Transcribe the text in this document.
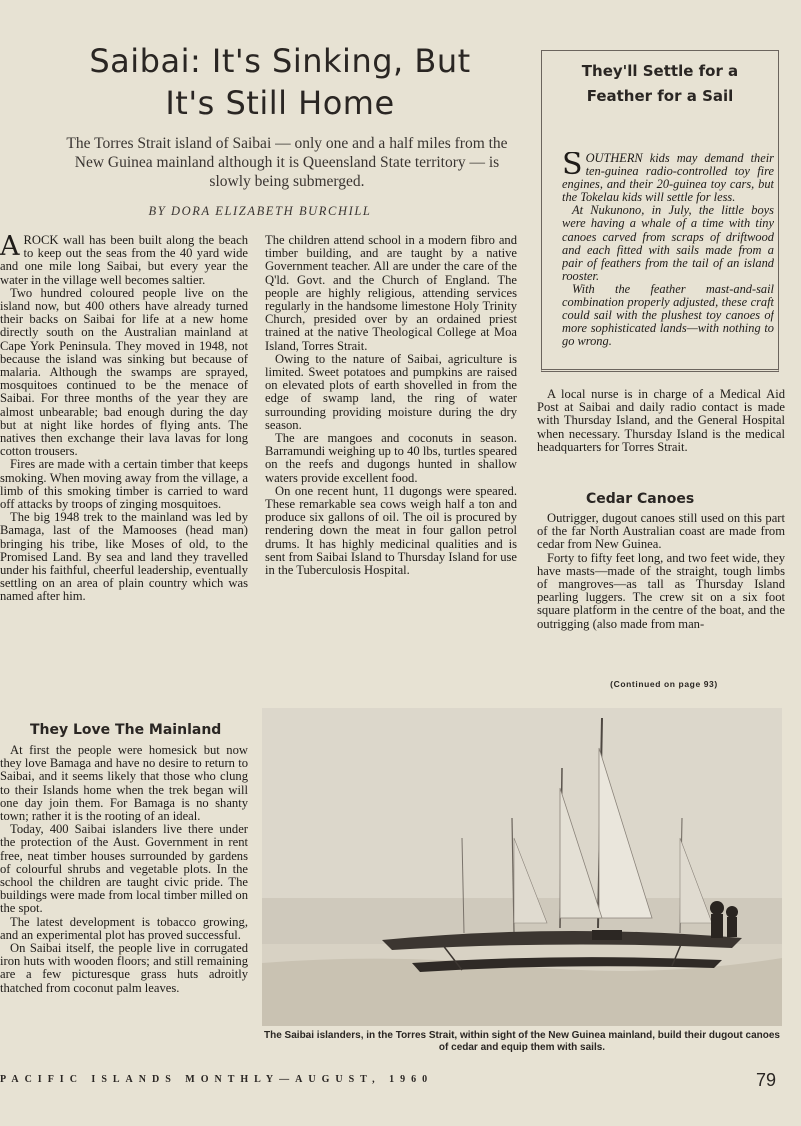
Saibai: It's Sinking, But
It's Still Home
The Torres Strait island of Saibai — only one and a half miles from the New Guinea mainland although it is Queensland State territory — is slowly being submerged.
BY DORA ELIZABETH BURCHILL

AROCK wall has been built along the beach to keep out the seas from the 40 yard wide and one mile long Saibai, but every year the water in the village well becomes saltier.

Two hundred coloured people live on the island now, but 400 others have already turned their backs on Saibai for life at a new home directly south on the Australian mainland at Cape York Peninsula. They moved in 1948, not because the island was sinking but because of malaria. Although the swamps are sprayed, mosquitoes continued to be the menace of Saibai. For three months of the year they are almost unbearable; bad enough during the day but at night like hordes of flying ants. The natives then exchange their lava lavas for long cotton trousers.

Fires are made with a certain timber that keeps smoking. When moving away from the village, a limb of this smoking timber is carried to ward off attacks by troops of zinging mosquitoes.

The big 1948 trek to the mainland was led by Bamaga, last of the Mamooses (head man) bringing his tribe, like Moses of old, to the Promised Land. By sea and land they travelled under his faithful, cheerful leadership, eventually settling on an area of plain country which was named after him.

The children attend school in a modern fibro and timber building, and are taught by a native Government teacher. All are under the care of the Q'ld. Govt. and the Church of England. The people are highly religious, attending services regularly in the handsome limestone Holy Trinity Church, presided over by an ordained priest trained at the native Theological College at Moa Island, Torres Strait.

Owing to the nature of Saibai, agriculture is limited. Sweet potatoes and pumpkins are raised on elevated plots of earth shovelled in from the edge of swamp land, the ring of water surrounding providing moisture during the dry season.

The are mangoes and coconuts in season. Barramundi weighing up to 40 lbs, turtles speared on the reefs and dugongs hunted in shallow waters provide excellent food.

On one recent hunt, 11 dugongs were speared. These remarkable sea cows weigh half a ton and produce six gallons of oil. The oil is procured by rendering down the meat in four gallon petrol drums. It has highly medicinal qualities and is sent from Saibai Island to Thursday Island for use in the Tuberculosis Hospital.

They Love The Mainland

At first the people were homesick but now they love Bamaga and have no desire to return to Saibai, and it seems likely that those who clung to their Islands home when the trek began will one day join them. For Bamaga is no shanty town; rather it is the rooting of an ideal.

Today, 400 Saibai islanders live there under the protection of the Aust. Government in rent free, neat timber houses surrounded by gardens of colourful shrubs and vegetable plots. In the school the children are taught civic pride. The buildings were made from local timber milled on the spot.

The latest development is tobacco growing, and an experimental plot has proved successful.

On Saibai itself, the people live in corrugated iron huts with wooden floors; and still remaining are a few picturesque grass huts adroitly thatched from coconut palm leaves.

They'll Settle for a
Feather for a Sail

SOUTHERN kids may demand their ten-guinea radio-controlled toy fire engines, and their 20-guinea toy cars, but the Tokelau kids will settle for less.

At Nukunono, in July, the little boys were having a whale of a time with tiny canoes carved from scraps of driftwood and each fitted with sails made from a pair of feathers from the tail of an island rooster.

With the feather mast-and-sail combination properly adjusted, these craft could sail with the plushest toy canoes of more sophisticated lands—with nothing to go wrong.

A local nurse is in charge of a Medical Aid Post at Saibai and daily radio contact is made with Thursday Island, and the General Hospital when necessary. Thursday Island is the medical headquarters for Torres Strait.

Cedar Canoes

Outrigger, dugout canoes still used on this part of the far North Australian coast are made from cedar from New Guinea.

Forty to fifty feet long, and two feet wide, they have masts—made of the straight, tough limbs of mangroves—as tall as Thursday Island pearling luggers. The crew sit on a six foot square platform in the centre of the boat, and the outrigging (also made from man-

(Continued on page 93)
The Saibai islanders, in the Torres Strait, within sight of the New Guinea mainland, build their dugout canoes of cedar and equip them with sails.
PACIFIC ISLANDS MONTHLY—AUGUST, 1960	79
